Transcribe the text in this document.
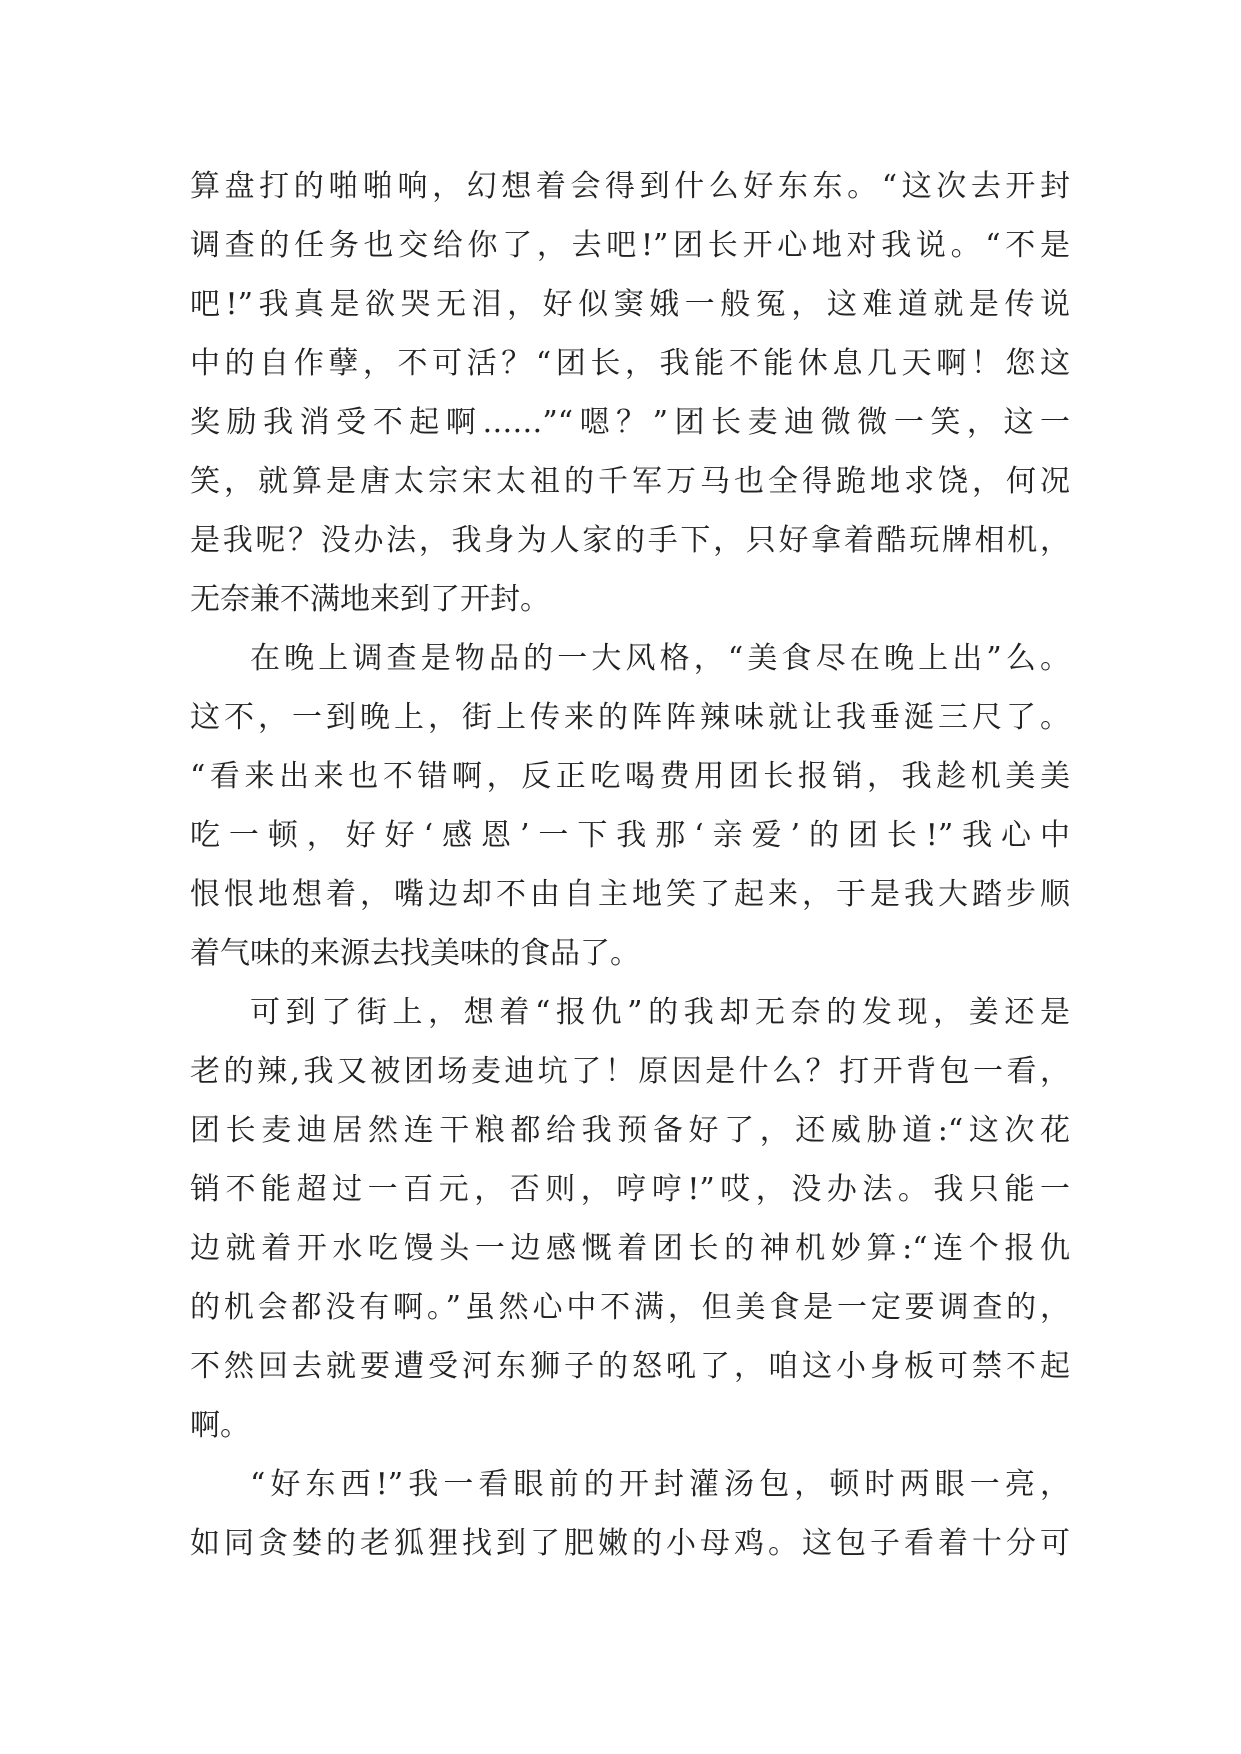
算盘打的啪啪响，幻想着会得到什么好东东。“这次去开封
调查的任务也交给你了，去吧!”团长开心地对我说。“不是
吧!”我真是欲哭无泪，好似窦娥一般冤，这难道就是传说
中的自作孽，不可活？“团长，我能不能休息几天啊！您这
奖励我消受不起啊……”“嗯？”团长麦迪微微一笑，这一
笑，就算是唐太宗宋太祖的千军万马也全得跪地求饶，何况
是我呢？没办法，我身为人家的手下，只好拿着酷玩牌相机，
无奈兼不满地来到了开封。
在晚上调查是物品的一大风格，“美食尽在晚上出”么。
这不，一到晚上，街上传来的阵阵辣味就让我垂涎三尺了。
“看来出来也不错啊，反正吃喝费用团长报销，我趁机美美
吃一顿，好好‘感恩’一下我那‘亲爱’的团长!”我心中
恨恨地想着，嘴边却不由自主地笑了起来，于是我大踏步顺
着气味的来源去找美味的食品了。
可到了街上，想着“报仇”的我却无奈的发现，姜还是
老的辣,我又被团场麦迪坑了！原因是什么？打开背包一看，
团长麦迪居然连干粮都给我预备好了，还威胁道:“这次花
销不能超过一百元，否则，哼哼!”哎，没办法。我只能一
边就着开水吃馒头一边感慨着团长的神机妙算:“连个报仇
的机会都没有啊。”虽然心中不满，但美食是一定要调查的，
不然回去就要遭受河东狮子的怒吼了，咱这小身板可禁不起
啊。
“好东西!”我一看眼前的开封灌汤包，顿时两眼一亮，
如同贪婪的老狐狸找到了肥嫩的小母鸡。这包子看着十分可
